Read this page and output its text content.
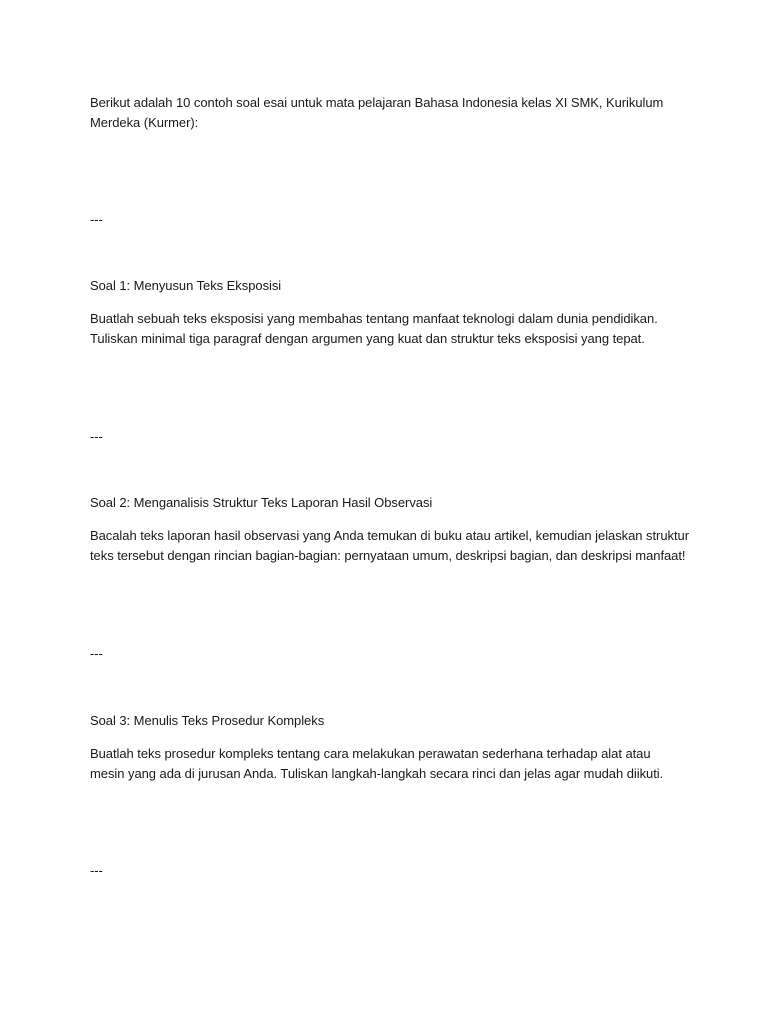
Berikut adalah 10 contoh soal esai untuk mata pelajaran Bahasa Indonesia kelas XI SMK, Kurikulum

Merdeka (Kurmer):

---

Soal 1: Menyusun Teks Eksposisi

Buatlah sebuah teks eksposisi yang membahas tentang manfaat teknologi dalam dunia pendidikan.

Tuliskan minimal tiga paragraf dengan argumen yang kuat dan struktur teks eksposisi yang tepat.

---

Soal 2: Menganalisis Struktur Teks Laporan Hasil Observasi

Bacalah teks laporan hasil observasi yang Anda temukan di buku atau artikel, kemudian jelaskan struktur

teks tersebut dengan rincian bagian-bagian: pernyataan umum, deskripsi bagian, dan deskripsi manfaat!

---

Soal 3: Menulis Teks Prosedur Kompleks

Buatlah teks prosedur kompleks tentang cara melakukan perawatan sederhana terhadap alat atau

mesin yang ada di jurusan Anda. Tuliskan langkah-langkah secara rinci dan jelas agar mudah diikuti.

---
